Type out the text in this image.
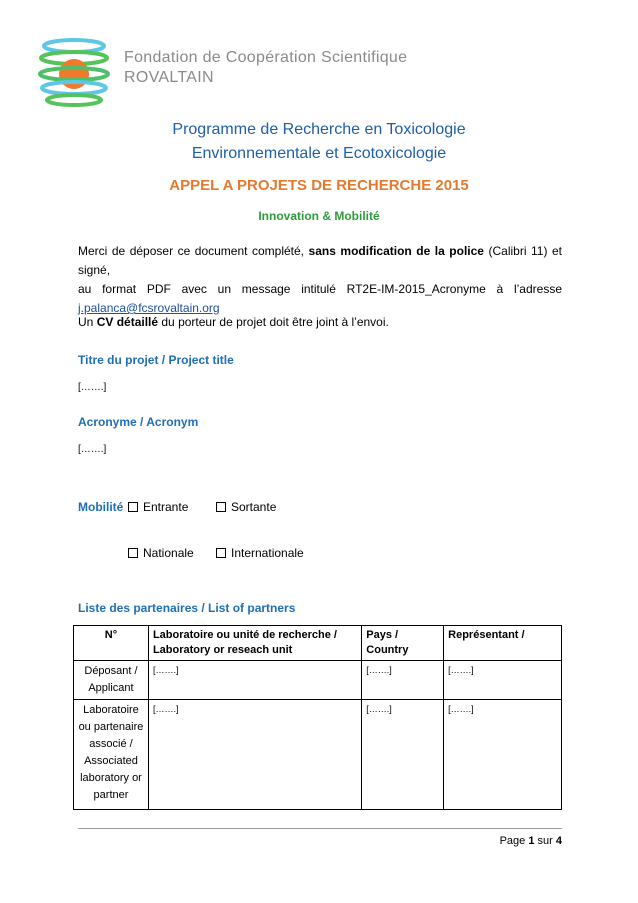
Fondation de Coopération Scientifique
ROVALTAIN
Programme de Recherche en Toxicologie
Environnementale et Ecotoxicologie
APPEL A PROJETS DE RECHERCHE 2015
Innovation & Mobilité
Merci de déposer ce document complété, sans modification de la police (Calibri 11) et signé,
au format PDF avec un message intitulé RT2E-IM-2015_Acronyme à l’adresse
j.palanca@fcsrovaltain.org
Un CV détaillé du porteur de projet doit être joint à l’envoi.
Titre du projet / Project title
[…….]
Acronyme / Acronym
[…….]
Mobilité	Entrante	Sortante
Nationale	Internationale
Liste des partenaires / List of partners
N°	Laboratoire ou unité de recherche / Laboratory or reseach unit	Pays / Country	Représentant /
Déposant / Applicant	[…….]	[…….]	[…….]
Laboratoire ou partenaire associé / Associated laboratory or partner	[…….]	[…….]	[…….]
Page 1 sur 4
